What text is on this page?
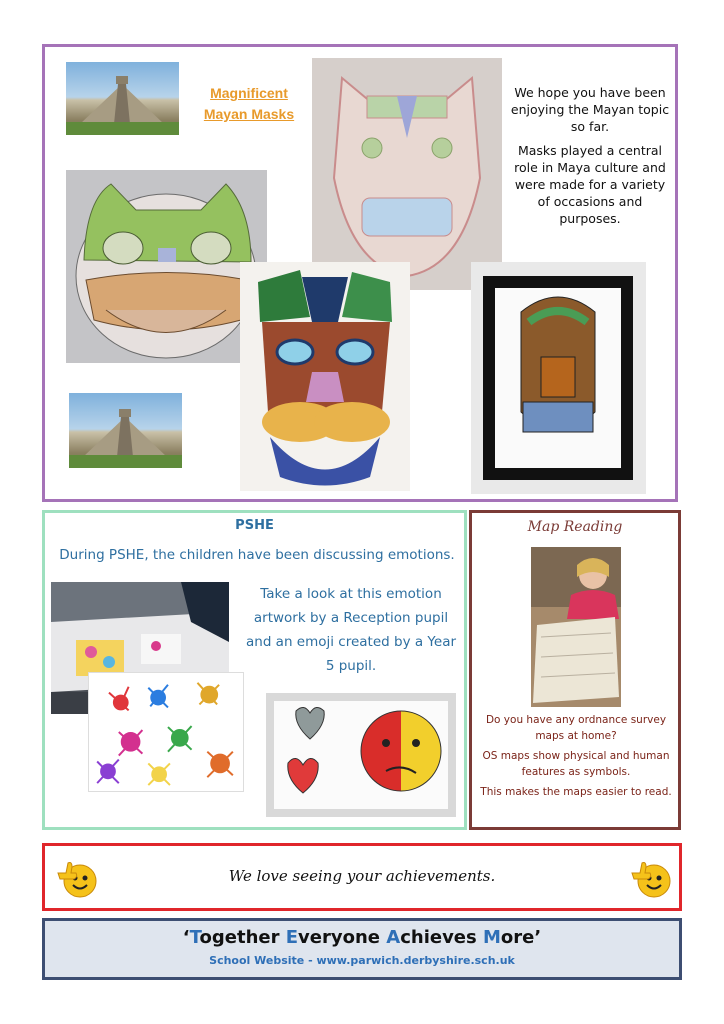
Magnificent
Mayan Masks

We hope you have been enjoying the Mayan topic so far.

Masks played a central role in Maya culture and were made for a variety of occasions and purposes.

PSHE
During PSHE, the children have been discussing emotions.
Take a look at this emotion artwork by a Reception pupil and an emoji created by a Year 5 pupil.
Map Reading

Do you have any ordnance survey maps at home?

OS maps show physical and human features as symbols.

This makes the maps easier to read.

We love seeing your achievements.
‘Together Everyone Achieves More’
School Website - www.parwich.derbyshire.sch.uk
